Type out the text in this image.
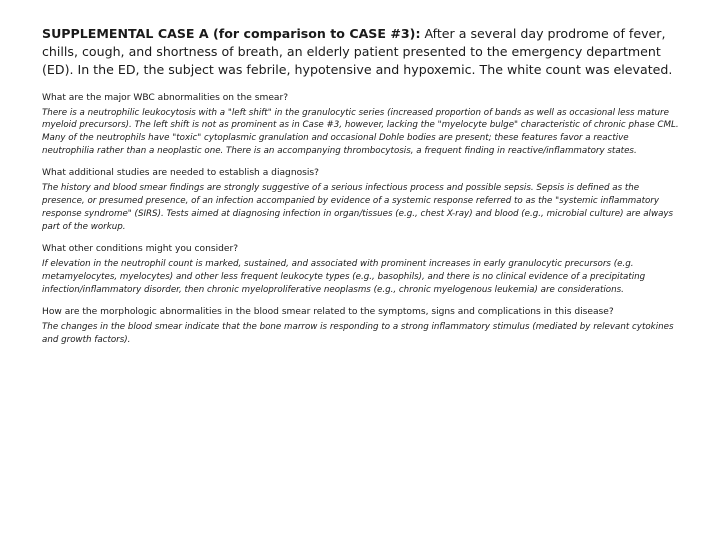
SUPPLEMENTAL CASE A (for comparison to CASE #3): After a several day prodrome of fever, chills, cough, and shortness of breath, an elderly patient presented to the emergency department (ED). In the ED, the subject was febrile, hypotensive and hypoxemic. The white count was elevated.

What are the major WBC abnormalities on the smear?

There is a neutrophilic leukocytosis with a "left shift" in the granulocytic series (increased proportion of bands as well as occasional less mature myeloid precursors). The left shift is not as prominent as in Case #3, however, lacking the "myelocyte bulge" characteristic of chronic phase CML. Many of the neutrophils have "toxic" cytoplasmic granulation and occasional Dohle bodies are present; these features favor a reactive neutrophilia rather than a neoplastic one. There is an accompanying thrombocytosis, a frequent finding in reactive/inflammatory states.

What additional studies are needed to establish a diagnosis?

The history and blood smear findings are strongly suggestive of a serious infectious process and possible sepsis. Sepsis is defined as the presence, or presumed presence, of an infection accompanied by evidence of a systemic response referred to as the "systemic inflammatory response syndrome" (SIRS). Tests aimed at diagnosing infection in organ/tissues (e.g., chest X-ray) and blood (e.g., microbial culture) are always part of the workup.

What other conditions might you consider?

If elevation in the neutrophil count is marked, sustained, and associated with prominent increases in early granulocytic precursors (e.g. metamyelocytes, myelocytes) and other less frequent leukocyte types (e.g., basophils), and there is no clinical evidence of a precipitating infection/inflammatory disorder, then chronic myeloproliferative neoplasms (e.g., chronic myelogenous leukemia) are considerations.

How are the morphologic abnormalities in the blood smear related to the symptoms, signs and complications in this disease?

The changes in the blood smear indicate that the bone marrow is responding to a strong inflammatory stimulus (mediated by relevant cytokines and growth factors).
